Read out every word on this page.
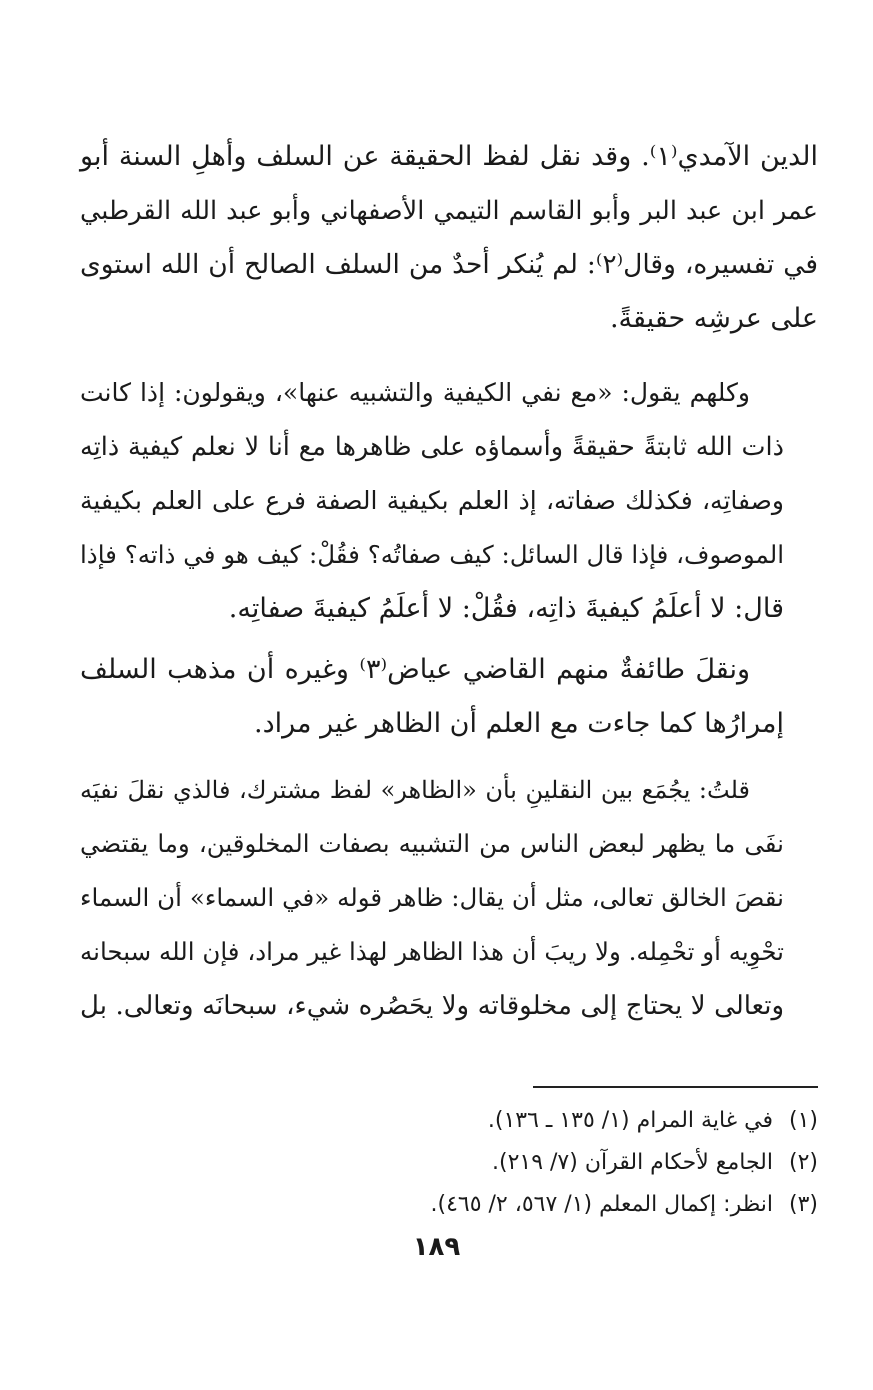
الدين الآمدي⁽١⁾. وقد نقل لفظ الحقيقة عن السلف وأهلِ السنة أبو
عمر ابن عبد البر وأبو القاسم التيمي الأصفهاني وأبو عبد الله القرطبي
في تفسيره، وقال⁽٢⁾: لم يُنكر أحدٌ من السلف الصالح أن الله استوى
على عرشِه حقيقةً.
وكلهم يقول: «مع نفي الكيفية والتشبيه عنها»، ويقولون: إذا كانت
ذات الله ثابتةً حقيقةً وأسماؤه على ظاهرها مع أنا لا نعلم كيفية ذاتِه
وصفاتِه، فكذلك صفاته، إذ العلم بكيفية الصفة فرع على العلم بكيفية
الموصوف، فإذا قال السائل: كيف صفاتُه؟ فقُلْ: كيف هو في ذاته؟ فإذا
قال: لا أعلَمُ كيفيةَ ذاتِه، فقُلْ: لا أعلَمُ كيفيةَ صفاتِه.
ونقلَ طائفةٌ منهم القاضي عياض⁽٣⁾ وغيره أن مذهب السلف
إمرارُها كما جاءت مع العلم أن الظاهر غير مراد.
قلتُ: يجُمَع بين النقلينِ بأن «الظاهر» لفظ مشترك، فالذي نقلَ نفيَه
نفَى ما يظهر لبعض الناس من التشبيه بصفات المخلوقين، وما يقتضي
نقصَ الخالق تعالى، مثل أن يقال: ظاهر قوله «في السماء» أن السماء
تحْوِيه أو تحْمِله. ولا ريبَ أن هذا الظاهر لهذا غير مراد، فإن الله سبحانه
وتعالى لا يحتاج إلى مخلوقاته ولا يحَصُره شيء، سبحانَه وتعالى. بل
(١) في غاية المرام (١/ ١٣٥ ـ ١٣٦).
(٢) الجامع لأحكام القرآن (٧/ ٢١٩).
(٣) انظر: إكمال المعلم (١/ ٥٦٧، ٢/ ٤٦٥).
١٨٩
